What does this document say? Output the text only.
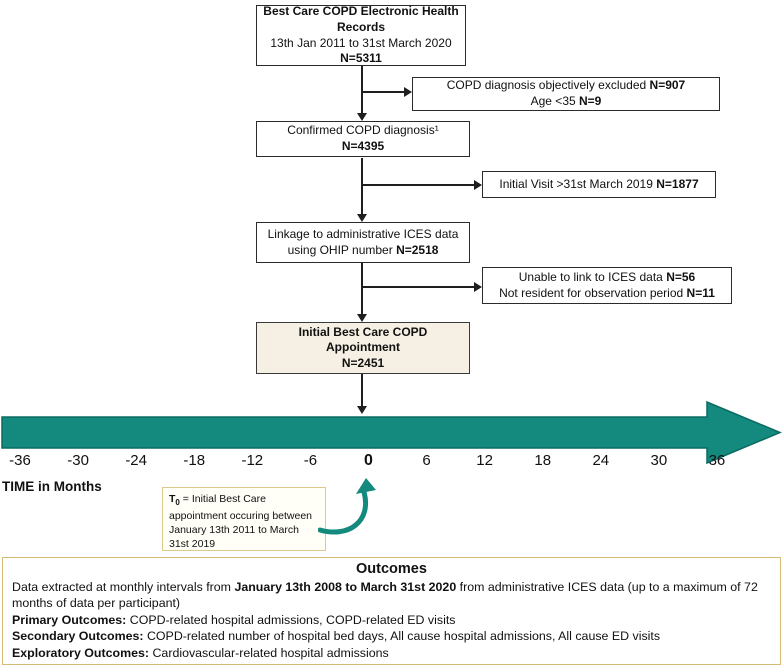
Best Care COPD Electronic Health Records
13th Jan 2011 to 31st March 2020
N=5311
COPD diagnosis objectively excluded N=907
Age <35 N=9
Confirmed COPD diagnosis¹
N=4395
Initial Visit >31st March 2019 N=1877
Linkage to administrative ICES data
using OHIP number N=2518
Unable to link to ICES data N=56
Not resident for observation period N=11
Initial Best Care COPD
Appointment
N=2451
-36	-30	-24	-18	-12	-6	0	6	12	18	24	30	36
TIME in Months
$T_0$ = Initial Best Care appointment occuring between January 13th 2011 to March 31st 2019
Outcomes

Data extracted at monthly intervals from January 13th 2008 to March 31st 2020 from administrative ICES data (up to a maximum of 72 months of data per participant)

Primary Outcomes: COPD-related hospital admissions, COPD-related ED visits

Secondary Outcomes: COPD-related number of hospital bed days, All cause hospital admissions, All cause ED visits

Exploratory Outcomes: Cardiovascular-related hospital admissions
